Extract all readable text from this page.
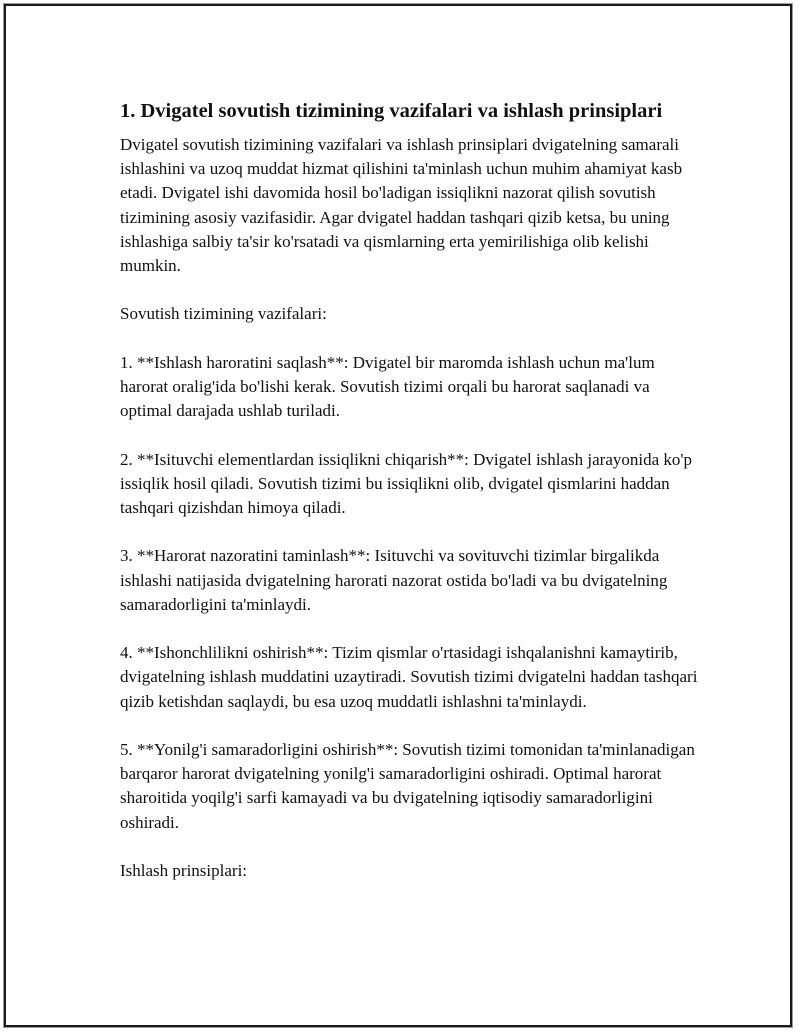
1. Dvigatel sovutish tizimining vazifalari va ishlash prinsiplari

Dvigatel sovutish tizimining vazifalari va ishlash prinsiplari dvigatelning samarali ishlashini va uzoq muddat hizmat qilishini ta'minlash uchun muhim ahamiyat kasb etadi. Dvigatel ishi davomida hosil bo'ladigan issiqlikni nazorat qilish sovutish tizimining asosiy vazifasidir. Agar dvigatel haddan tashqari qizib ketsa, bu uning ishlashiga salbiy ta'sir ko'rsatadi va qismlarning erta yemirilishiga olib kelishi mumkin.

Sovutish tizimining vazifalari:

1. **Ishlash haroratini saqlash**: Dvigatel bir maromda ishlash uchun ma'lum harorat oralig'ida bo'lishi kerak. Sovutish tizimi orqali bu harorat saqlanadi va optimal darajada ushlab turiladi.

2. **Isituvchi elementlardan issiqlikni chiqarish**: Dvigatel ishlash jarayonida ko'p issiqlik hosil qiladi. Sovutish tizimi bu issiqlikni olib, dvigatel qismlarini haddan tashqari qizishdan himoya qiladi.

3. **Harorat nazoratini taminlash**: Isituvchi va sovituvchi tizimlar birgalikda ishlashi natijasida dvigatelning harorati nazorat ostida bo'ladi va bu dvigatelning samaradorligini ta'minlaydi.

4. **Ishonchlilikni oshirish**: Tizim qismlar o'rtasidagi ishqalanishni kamaytirib, dvigatelning ishlash muddatini uzaytiradi. Sovutish tizimi dvigatelni haddan tashqari qizib ketishdan saqlaydi, bu esa uzoq muddatli ishlashni ta'minlaydi.

5. **Yonilg'i samaradorligini oshirish**: Sovutish tizimi tomonidan ta'minlanadigan barqaror harorat dvigatelning yonilg'i samaradorligini oshiradi. Optimal harorat sharoitida yoqilg'i sarfi kamayadi va bu dvigatelning iqtisodiy samaradorligini oshiradi.

Ishlash prinsiplari:
